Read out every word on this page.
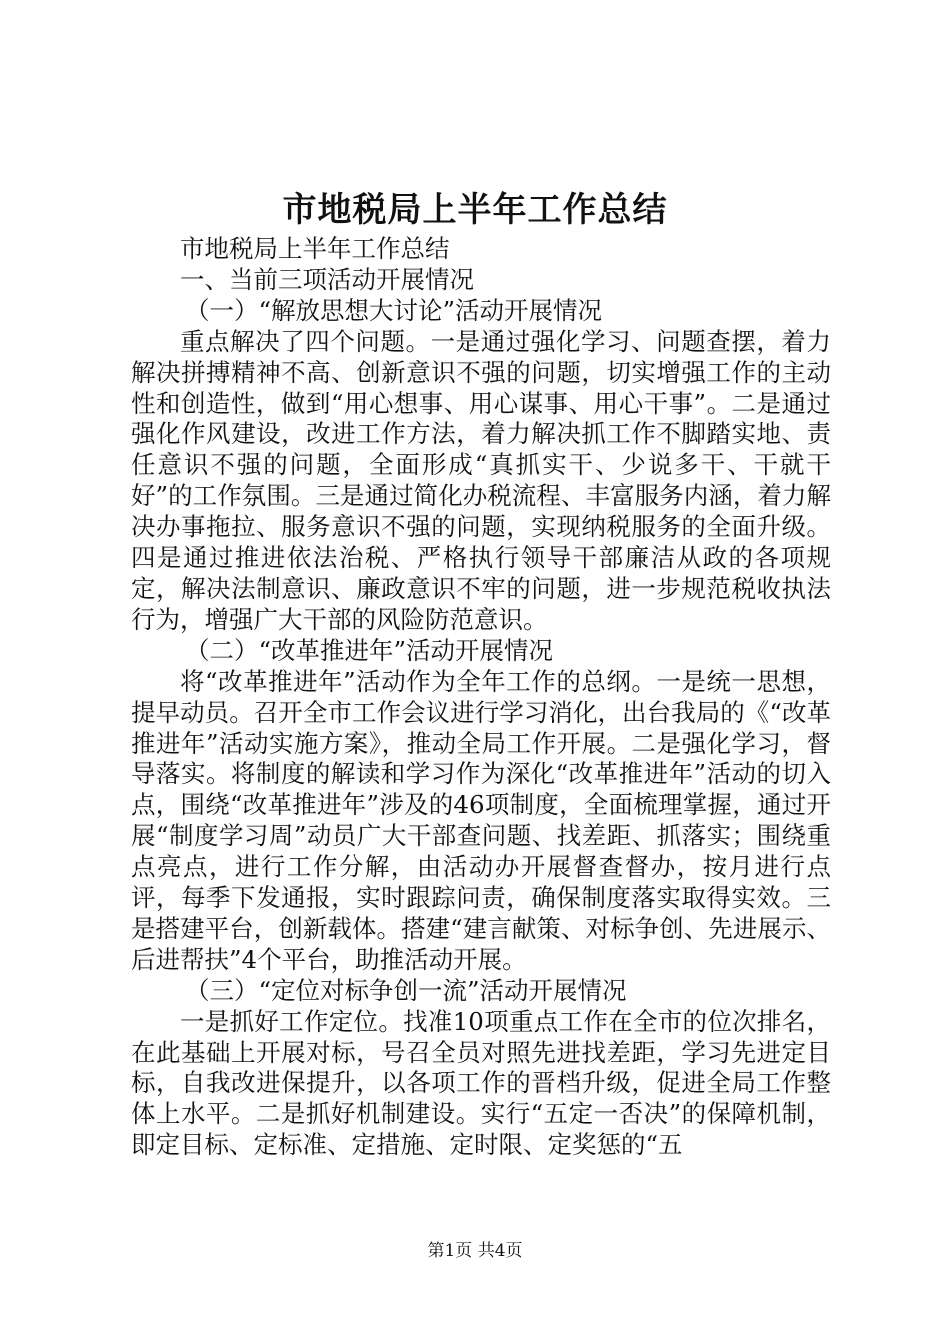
市地税局上半年工作总结
市地税局上半年工作总结
一、当前三项活动开展情况
（一）“解放思想大讨论”活动开展情况

重点解决了四个问题。一是通过强化学习、问题查摆，着力解决拼搏精神不高、创新意识不强的问题，切实增强工作的主动性和创造性，做到“用心想事、用心谋事、用心干事”。二是通过强化作风建设，改进工作方法，着力解决抓工作不脚踏实地、责任意识不强的问题，全面形成“真抓实干、少说多干、干就干好”的工作氛围。三是通过简化办税流程、丰富服务内涵，着力解决办事拖拉、服务意识不强的问题，实现纳税服务的全面升级。四是通过推进依法治税、严格执行领导干部廉洁从政的各项规定，解决法制意识、廉政意识不牢的问题，进一步规范税收执法行为，增强广大干部的风险防范意识。

（二）“改革推进年”活动开展情况

将“改革推进年”活动作为全年工作的总纲。一是统一思想，提早动员。召开全市工作会议进行学习消化，出台我局的《“改革推进年”活动实施方案》，推动全局工作开展。二是强化学习，督导落实。将制度的解读和学习作为深化“改革推进年”活动的切入点，围绕“改革推进年”涉及的46项制度，全面梳理掌握，通过开展“制度学习周”动员广大干部查问题、找差距、抓落实；围绕重点亮点，进行工作分解，由活动办开展督查督办，按月进行点评，每季下发通报，实时跟踪问责，确保制度落实取得实效。三是搭建平台，创新载体。搭建“建言献策、对标争创、先进展示、后进帮扶”4个平台，助推活动开展。

（三）“定位对标争创一流”活动开展情况

一是抓好工作定位。找准10项重点工作在全市的位次排名，在此基础上开展对标，号召全员对照先进找差距，学习先进定目标，自我改进保提升，以各项工作的晋档升级，促进全局工作整体上水平。二是抓好机制建设。实行“五定一否决”的保障机制，即定目标、定标准、定措施、定时限、定奖惩的“五

第1页 共4页
